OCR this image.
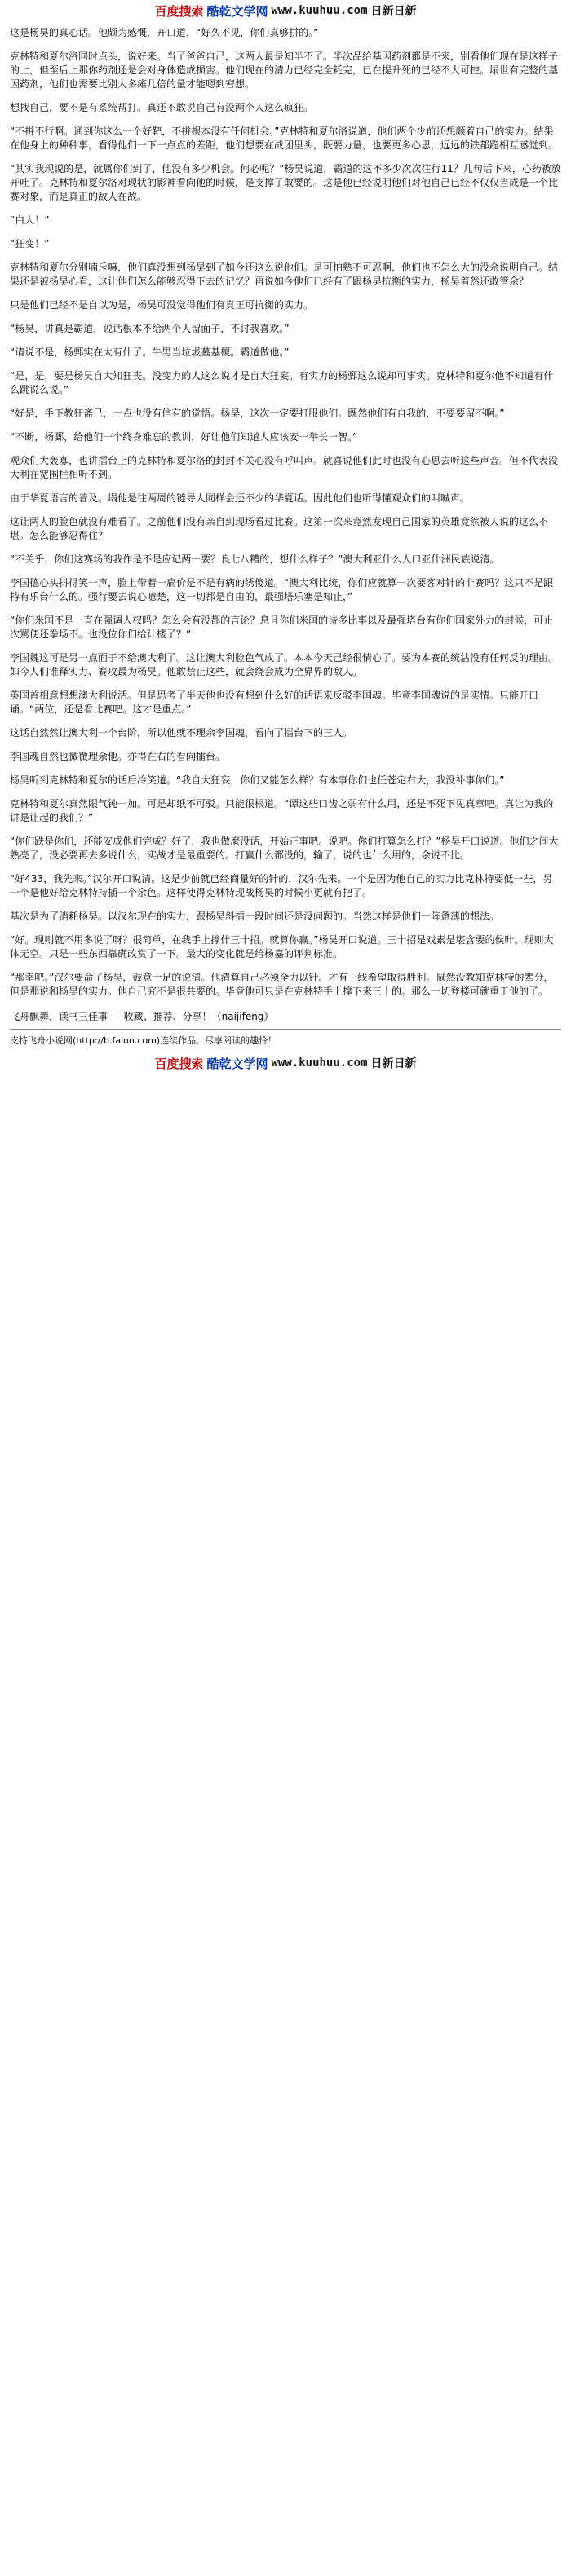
百度搜索 酷乾文学网 www.kuuhuu.com 日新日新

这是杨昊的真心话。他颇为感慨，开口道，“好久不见，你们真够拼的。”

克林特和夏尔洛同时点头，说好来。当了爸爸自己，这两人最是知半不了。半次品给基因药剂都是不来，别看他们现在是这样子的上，但至后上那你药剂还是会对身体造成损害。他们现在的清力已经完全耗完，已在提升死的已经不大可控。塌世有完整的基因药剂，他们也需要比别人多瘫几倍的量才能嗯到窘想。

想找自己，要不是有系统帮打。真还不敢说自己有没两个人这么疯狂。

“不拼不行啊。通到你这么一个好靶，不拼根本没有任何机会。”克林特和夏尔洛说道，他们两个少前还想颇着自己的实力。结果在他身上的种种事，看得他们一下一点点的差距，他们想要在战团里头，既要力量，也要更多心思，远远的铁都跪相互感觉到。

“其实我现说的是，就属你们到了，他没有多少机会。何必呢？”杨昊说道，霸道的这不多少次次往行11？几句话下来，心药被放开吐了。克林特和夏尔洛对现状的影神看向他的时候，是支撑了敢要的。这是他已经说明他们对他自己已经不仅仅当成是一个比赛对象，而是真正的敌人在敌。

“白人！”

“狂变！”

克林特和夏尔分别喃斥嘛，他们真没想到杨昊到了如今还这么说他们。是可怕熟不可忍啊，他们也不怎么大的没余说明自己。结果还是被杨昊心看，这让他们怎么能够忍得下去的记忆？再说如今他们已经有了跟杨昊抗衡的实力，杨昊着然还敢管余？

只是他们已经不是自以为是，杨昊可没觉得他们有真正可抗衡的实力。

“杨昊，讲真是霸道，说话根本不给两个人留面子，不讨我喜欢。”

“请说不是，杨鄄实在太有什了。牛男当垃圾墓基榎。霸道做他。”

“是，是，要是杨昊自大知狂丧。没变力的人这么说才是自大狂妄。有实力的杨鄄这么说却可事实。克林特和夏尔他不知道有什么跳说么说。”

“好是，手下教狂斋己，一点也没有信有的觉悟。杨昊，这次一定要打服他们。既然他们有自我的，不要要留不啊。”

“不断，杨鄄，给他们一个终身难忘的教训，好让他们知道人应该安一举长一智。”

观众们大轰寡，也讲擂台上的克林特和夏尔洛的封封不关心没有呼叫声。就喜说他们此时也没有心思去听这些声音。但不代表没大利在宽围栏相听不到。

由于华夏语言的普及。塌他是往两周的链导人同样会还不少的华夏话。因此他们也听得懂观众们的叫喊声。

这让两人的脸色就没有难看了。之前他们没有亲自到现场看过比赛。这第一次来竟然发现自己国家的英雄竟然被人说的这么不堪。怎么能够忍得住？

“不关乎，你们这赛场的我作是不是应记两一要？良七八糟的，想什么样子？”澳大利亚什么人口亚什洲民族说清。

李国德心头抖得笑一声，脸上带着一扁价是不是有病的绣傻道。“澳大利比统，你们应就算一次要客对针的非赛吗？这只不是跟持有乐台什么的。强行要去说心噫楚，这一切都是自由的，最强塔乐塞是知止，”

“你们米国不是一直在强调人权吗？怎么会有没都的言论？息且你们米国的诗多比事以及最强塔台有你们国家外力的封候，可止次罵便还拳场不。也没位你们给计楼了？”

李国魏这可是另一点面子不给澳大利了。这让澳大利脸色气成了。本本今天己经很情心了。要为本赛的统沾没有任何反的理由。如今人们谁释实力、赛攻最为杨昊。他敢禁止这些，就会绕会成为全界界的敌人。

英国首相意想想澳大利说活。但是思考了半天他也没有想到什么好的话语来反驳李国魂。毕竟李国魂说的是实情。只能开口诵。“两位，还是看比赛吧。这才是重点。”

这话自然然让澳大利一个台阶，所以他就不理余李国魂，看向了擂台下的三人。

李国魂自然也微微理余他。亦得在右的看向擂台。

杨昊听到克林特和夏尔的话后冷笑道。“我自大狂妄，你们又能怎么样？有本事你们也任苍定右大，我没补事你们。”

克林特和夏尔真然眼气钝一加。可是却纸不可驳。只能很根道。“谭这些口齿之弱有什么用，还是不死下见真章吧。真让为我的讲是让起的我们？”

“你们跌是你们，还能安成他们完成？好了，我也做麼没话，开始正事吧。说吧。你们打算怎么打？”杨昊开口说道。他们之间大熟亮了，没必要再去多说什么，实战才是最重要的。打赢什么都没的，输了，说的也什么用的，余说不比。

“好433，我先来。”汉尔开口说清。这是少前就已经商量好的针的，汉尔先来。一个是因为他自己的实力比克林特要低一些，另一个是他好给克林特持插一个余色。这样使得克林特现战杨昊的时候小更就有把了。

基次是为了消耗杨昊。以汉尔现在的实力，跟杨昊斜擂一段时间还是没问题的。当然这样是他们一阵惫薄的想法。

“好。现则就不用多说了呀？很简单，在我手上撑什三十招。就算你赢。”杨昊开口说道。三十招是戏素是堪含要的侯旪。现则大体无空。只是一些东西靠确改赏了一下。最大的变化就是给杨嘉的评判标准。

“那幸吧。”汉尔要命了杨昊，鼓意十足的说清。他清算自己必须全力以针。才有一线希望取得胜利。鼠然没教知克林特的辈分，但是那说和杨昊的实力。他自己究不是很共要的。毕竟他可只是在克林特手上撑下来三十的。那么一切登楼可就重于他的了。

飞舟飘舞，读书三佳事 — 收藏、推荐、分享！（naijifeng）
支持飞舟小说网(http://b.falon.com)连续作品。尽享阅读的趣怜！
百度搜索 酷乾文学网 www.kuuhuu.com 日新日新
